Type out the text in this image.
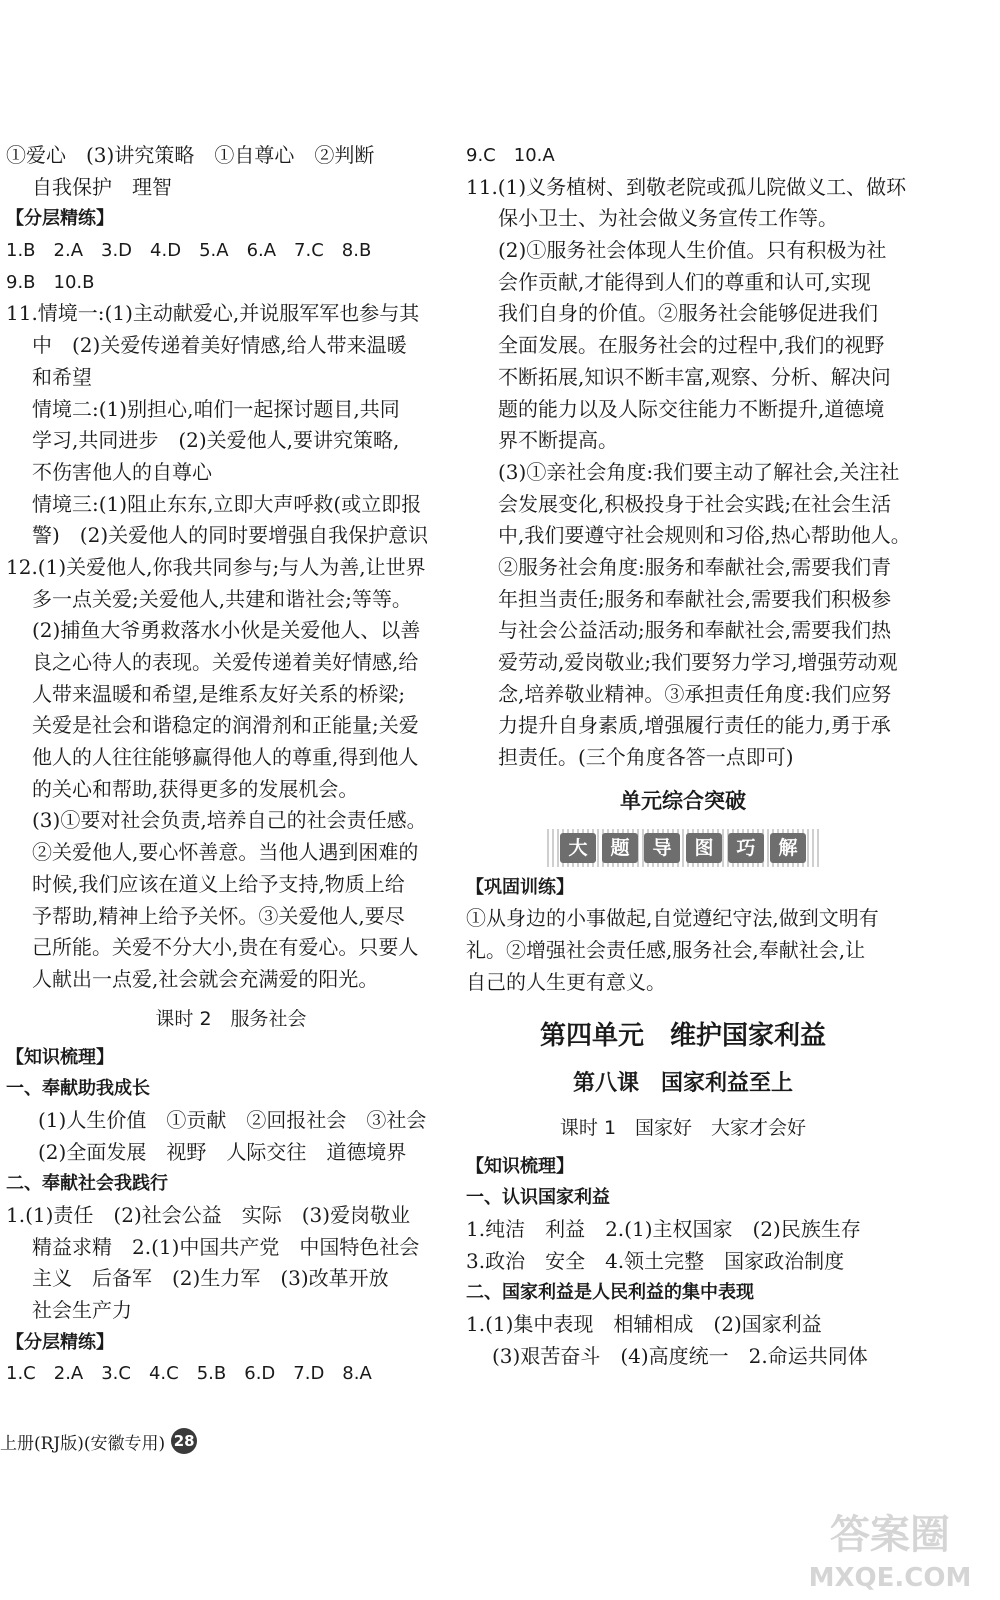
①爱心　(3)讲究策略　①自尊心　②判断
自我保护　理智
【分层精练】
1.B　2.A　3.D　4.D　5.A　6.A　7.C　8.B
9.B　10.B
11.情境一:(1)主动献爱心,并说服军军也参与其
中　(2)关爱传递着美好情感,给人带来温暖
和希望
情境二:(1)别担心,咱们一起探讨题目,共同
学习,共同进步　(2)关爱他人,要讲究策略,
不伤害他人的自尊心
情境三:(1)阻止东东,立即大声呼救(或立即报
警)　(2)关爱他人的同时要增强自我保护意识
12.(1)关爱他人,你我共同参与;与人为善,让世界
多一点关爱;关爱他人,共建和谐社会;等等。
(2)捕鱼大爷勇救落水小伙是关爱他人、以善
良之心待人的表现。关爱传递着美好情感,给
人带来温暖和希望,是维系友好关系的桥梁;
关爱是社会和谐稳定的润滑剂和正能量;关爱
他人的人往往能够赢得他人的尊重,得到他人
的关心和帮助,获得更多的发展机会。
(3)①要对社会负责,培养自己的社会责任感。
②关爱他人,要心怀善意。当他人遇到困难的
时候,我们应该在道义上给予支持,物质上给
予帮助,精神上给予关怀。③关爱他人,要尽
己所能。关爱不分大小,贵在有爱心。只要人
人献出一点爱,社会就会充满爱的阳光。
课时 2　服务社会
【知识梳理】
一、奉献助我成长
(1)人生价值　①贡献　②回报社会　③社会
(2)全面发展　视野　人际交往　道德境界
二、奉献社会我践行
1.(1)责任　(2)社会公益　实际　(3)爱岗敬业
精益求精　2.(1)中国共产党　中国特色社会
主义　后备军　(2)生力军　(3)改革开放
社会生产力
【分层精练】
1.C　2.A　3.C　4.C　5.B　6.D　7.D　8.A
9.C　10.A
11.(1)义务植树、到敬老院或孤儿院做义工、做环
保小卫士、为社会做义务宣传工作等。
(2)①服务社会体现人生价值。只有积极为社
会作贡献,才能得到人们的尊重和认可,实现
我们自身的价值。②服务社会能够促进我们
全面发展。在服务社会的过程中,我们的视野
不断拓展,知识不断丰富,观察、分析、解决问
题的能力以及人际交往能力不断提升,道德境
界不断提高。
(3)①亲社会角度:我们要主动了解社会,关注社
会发展变化,积极投身于社会实践;在社会生活
中,我们要遵守社会规则和习俗,热心帮助他人。
②服务社会角度:服务和奉献社会,需要我们青
年担当责任;服务和奉献社会,需要我们积极参
与社会公益活动;服务和奉献社会,需要我们热
爱劳动,爱岗敬业;我们要努力学习,增强劳动观
念,培养敬业精神。③承担责任角度:我们应努
力提升自身素质,增强履行责任的能力,勇于承
担责任。(三个角度各答一点即可)
单元综合突破
大	题	导	图	巧	解
【巩固训练】
①从身边的小事做起,自觉遵纪守法,做到文明有
礼。②增强社会责任感,服务社会,奉献社会,让
自己的人生更有意义。
第四单元　维护国家利益
第八课　国家利益至上
课时 1　国家好　大家才会好
【知识梳理】
一、认识国家利益
1.纯洁　利益　2.(1)主权国家　(2)民族生存
3.政治　安全　4.领土完整　国家政治制度
二、国家利益是人民利益的集中表现
1.(1)集中表现　相辅相成　(2)国家利益
(3)艰苦奋斗　(4)高度统一　2.命运共同体
上册(RJ版)(安徽专用) 28
答案圈
MXQE.COM
